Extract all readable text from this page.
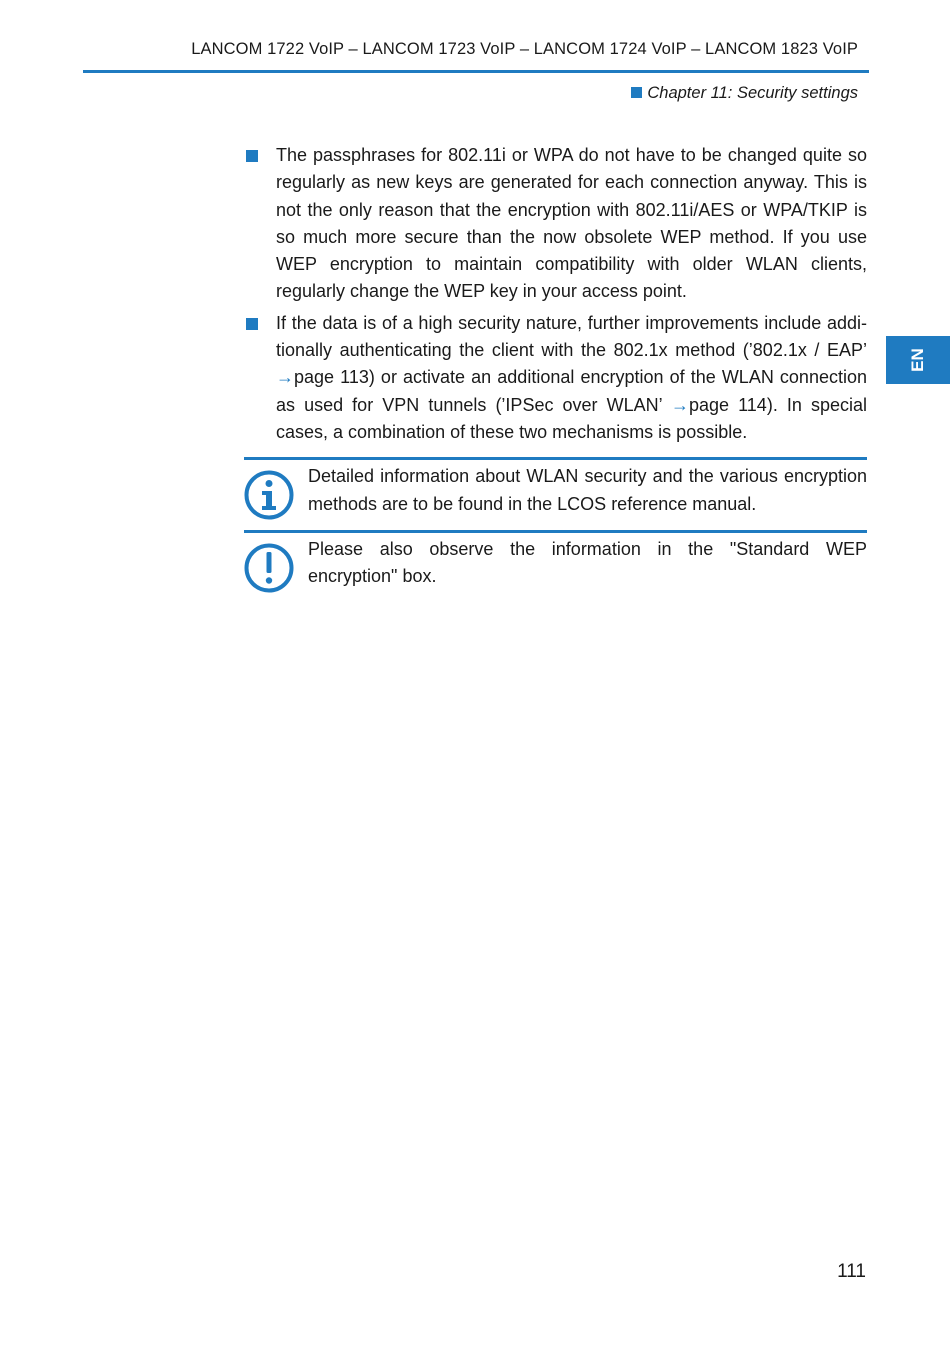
LANCOM 1722 VoIP – LANCOM 1723 VoIP – LANCOM 1724 VoIP – LANCOM 1823 VoIP
Chapter 11: Security settings
EN

The passphrases for 802.11i or WPA do not have to be changed quite so regularly as new keys are generated for each connection anyway. This is not the only reason that the encryption with 802.11i/AES or WPA/TKIP is so much more secure than the now obsolete WEP method. If you use WEP encryption to maintain compatibility with older WLAN clients, regularly change the WEP key in your access point.

If the data is of a high security nature, further improvements include additionally authenticating the client with the 802.1x method (’802.1x / EAP’ →page 113) or activate an additional encryption of the WLAN connection as used for VPN tunnels (’IPSec over WLAN’ →page 114). In special cases, a combination of these two mechanisms is possible.

Detailed information about WLAN security and the various encryption methods are to be found in the LCOS reference manual.

Please also observe the information in the "Standard WEP encryption" box.

111
